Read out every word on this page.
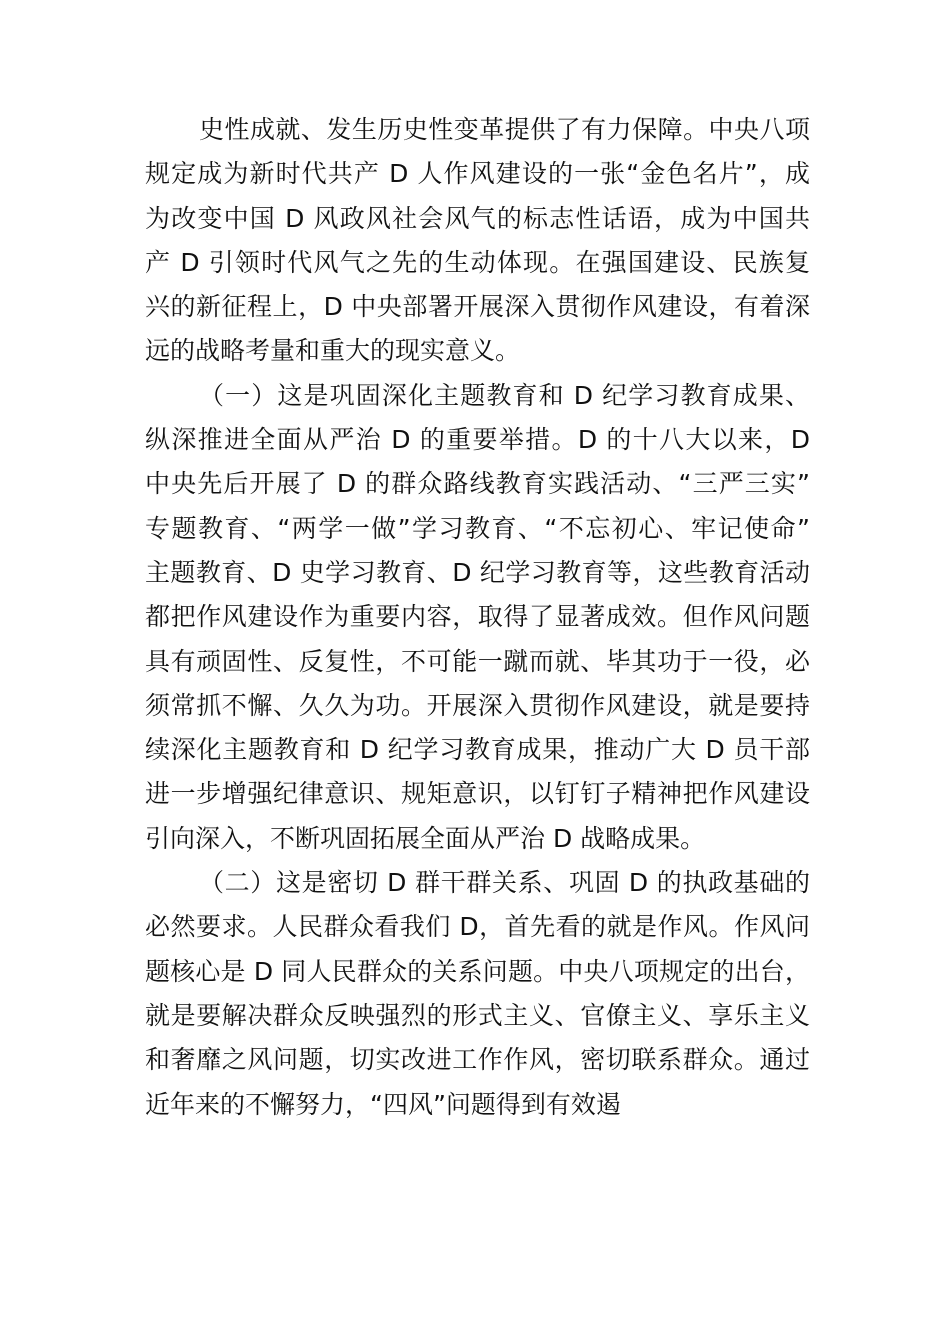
史性成就、发生历史性变革提供了有力保障。中央八项
规定成为新时代共产 D 人作风建设的一张“金色名片”，成
为改变中国 D 风政风社会风气的标志性话语，成为中国共
产 D 引领时代风气之先的生动体现。在强国建设、民族复
兴的新征程上，D 中央部署开展深入贯彻作风建设，有着深
远的战略考量和重大的现实意义。
（一）这是巩固深化主题教育和 D 纪学习教育成果、
纵深推进全面从严治 D 的重要举措。D 的十八大以来，D
中央先后开展了 D 的群众路线教育实践活动、“三严三实”
专题教育、“两学一做”学习教育、“不忘初心、牢记使命”
主题教育、D 史学习教育、D 纪学习教育等，这些教育活动
都把作风建设作为重要内容，取得了显著成效。但作风问题
具有顽固性、反复性，不可能一蹴而就、毕其功于一役，必
须常抓不懈、久久为功。开展深入贯彻作风建设，就是要持
续深化主题教育和 D 纪学习教育成果，推动广大 D 员干部
进一步增强纪律意识、规矩意识，以钉钉子精神把作风建设
引向深入，不断巩固拓展全面从严治 D 战略成果。
（二）这是密切 D 群干群关系、巩固 D 的执政基础的
必然要求。人民群众看我们 D，首先看的就是作风。作风问
题核心是 D 同人民群众的关系问题。中央八项规定的出台，
就是要解决群众反映强烈的形式主义、官僚主义、享乐主义
和奢靡之风问题，切实改进工作作风，密切联系群众。通过
近年来的不懈努力，“四风”问题得到有效遏
